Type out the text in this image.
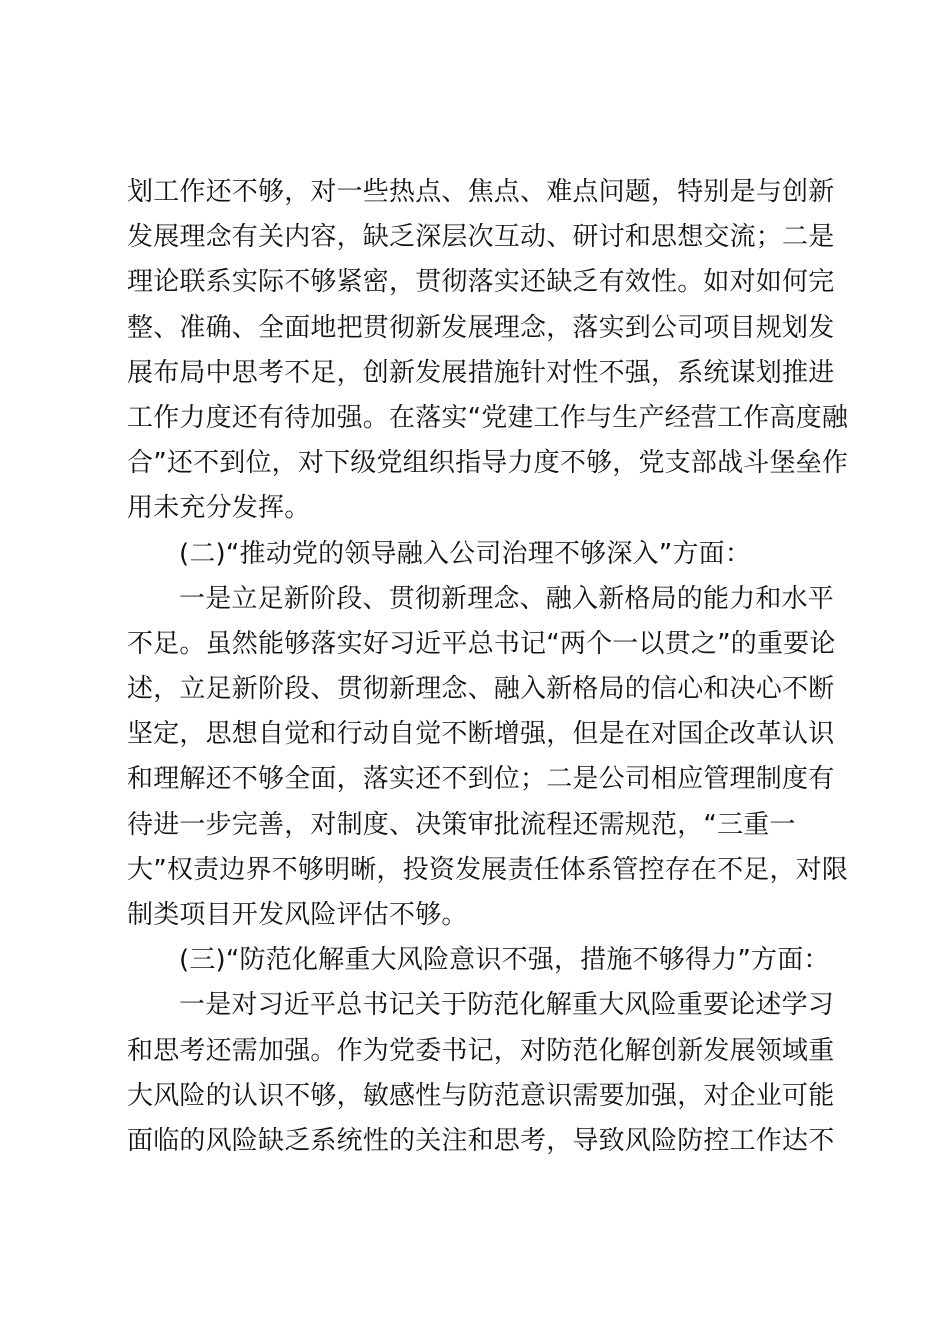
划工作还不够，对一些热点、焦点、难点问题，特别是与创新
发展理念有关内容，缺乏深层次互动、研讨和思想交流；二是
理论联系实际不够紧密，贯彻落实还缺乏有效性。如对如何完
整、准确、全面地把贯彻新发展理念，落实到公司项目规划发
展布局中思考不足，创新发展措施针对性不强，系统谋划推进
工作力度还有待加强。在落实“党建工作与生产经营工作高度融
合”还不到位，对下级党组织指导力度不够，党支部战斗堡垒作
用未充分发挥。
(二)“推动党的领导融入公司治理不够深入”方面：
一是立足新阶段、贯彻新理念、融入新格局的能力和水平
不足。虽然能够落实好习近平总书记“两个一以贯之”的重要论
述，立足新阶段、贯彻新理念、融入新格局的信心和决心不断
坚定，思想自觉和行动自觉不断增强，但是在对国企改革认识
和理解还不够全面，落实还不到位；二是公司相应管理制度有
待进一步完善，对制度、决策审批流程还需规范，“三重一
大”权责边界不够明晰，投资发展责任体系管控存在不足，对限
制类项目开发风险评估不够。
(三)“防范化解重大风险意识不强，措施不够得力”方面：
一是对习近平总书记关于防范化解重大风险重要论述学习
和思考还需加强。作为党委书记，对防范化解创新发展领域重
大风险的认识不够，敏感性与防范意识需要加强，对企业可能
面临的风险缺乏系统性的关注和思考，导致风险防控工作达不
